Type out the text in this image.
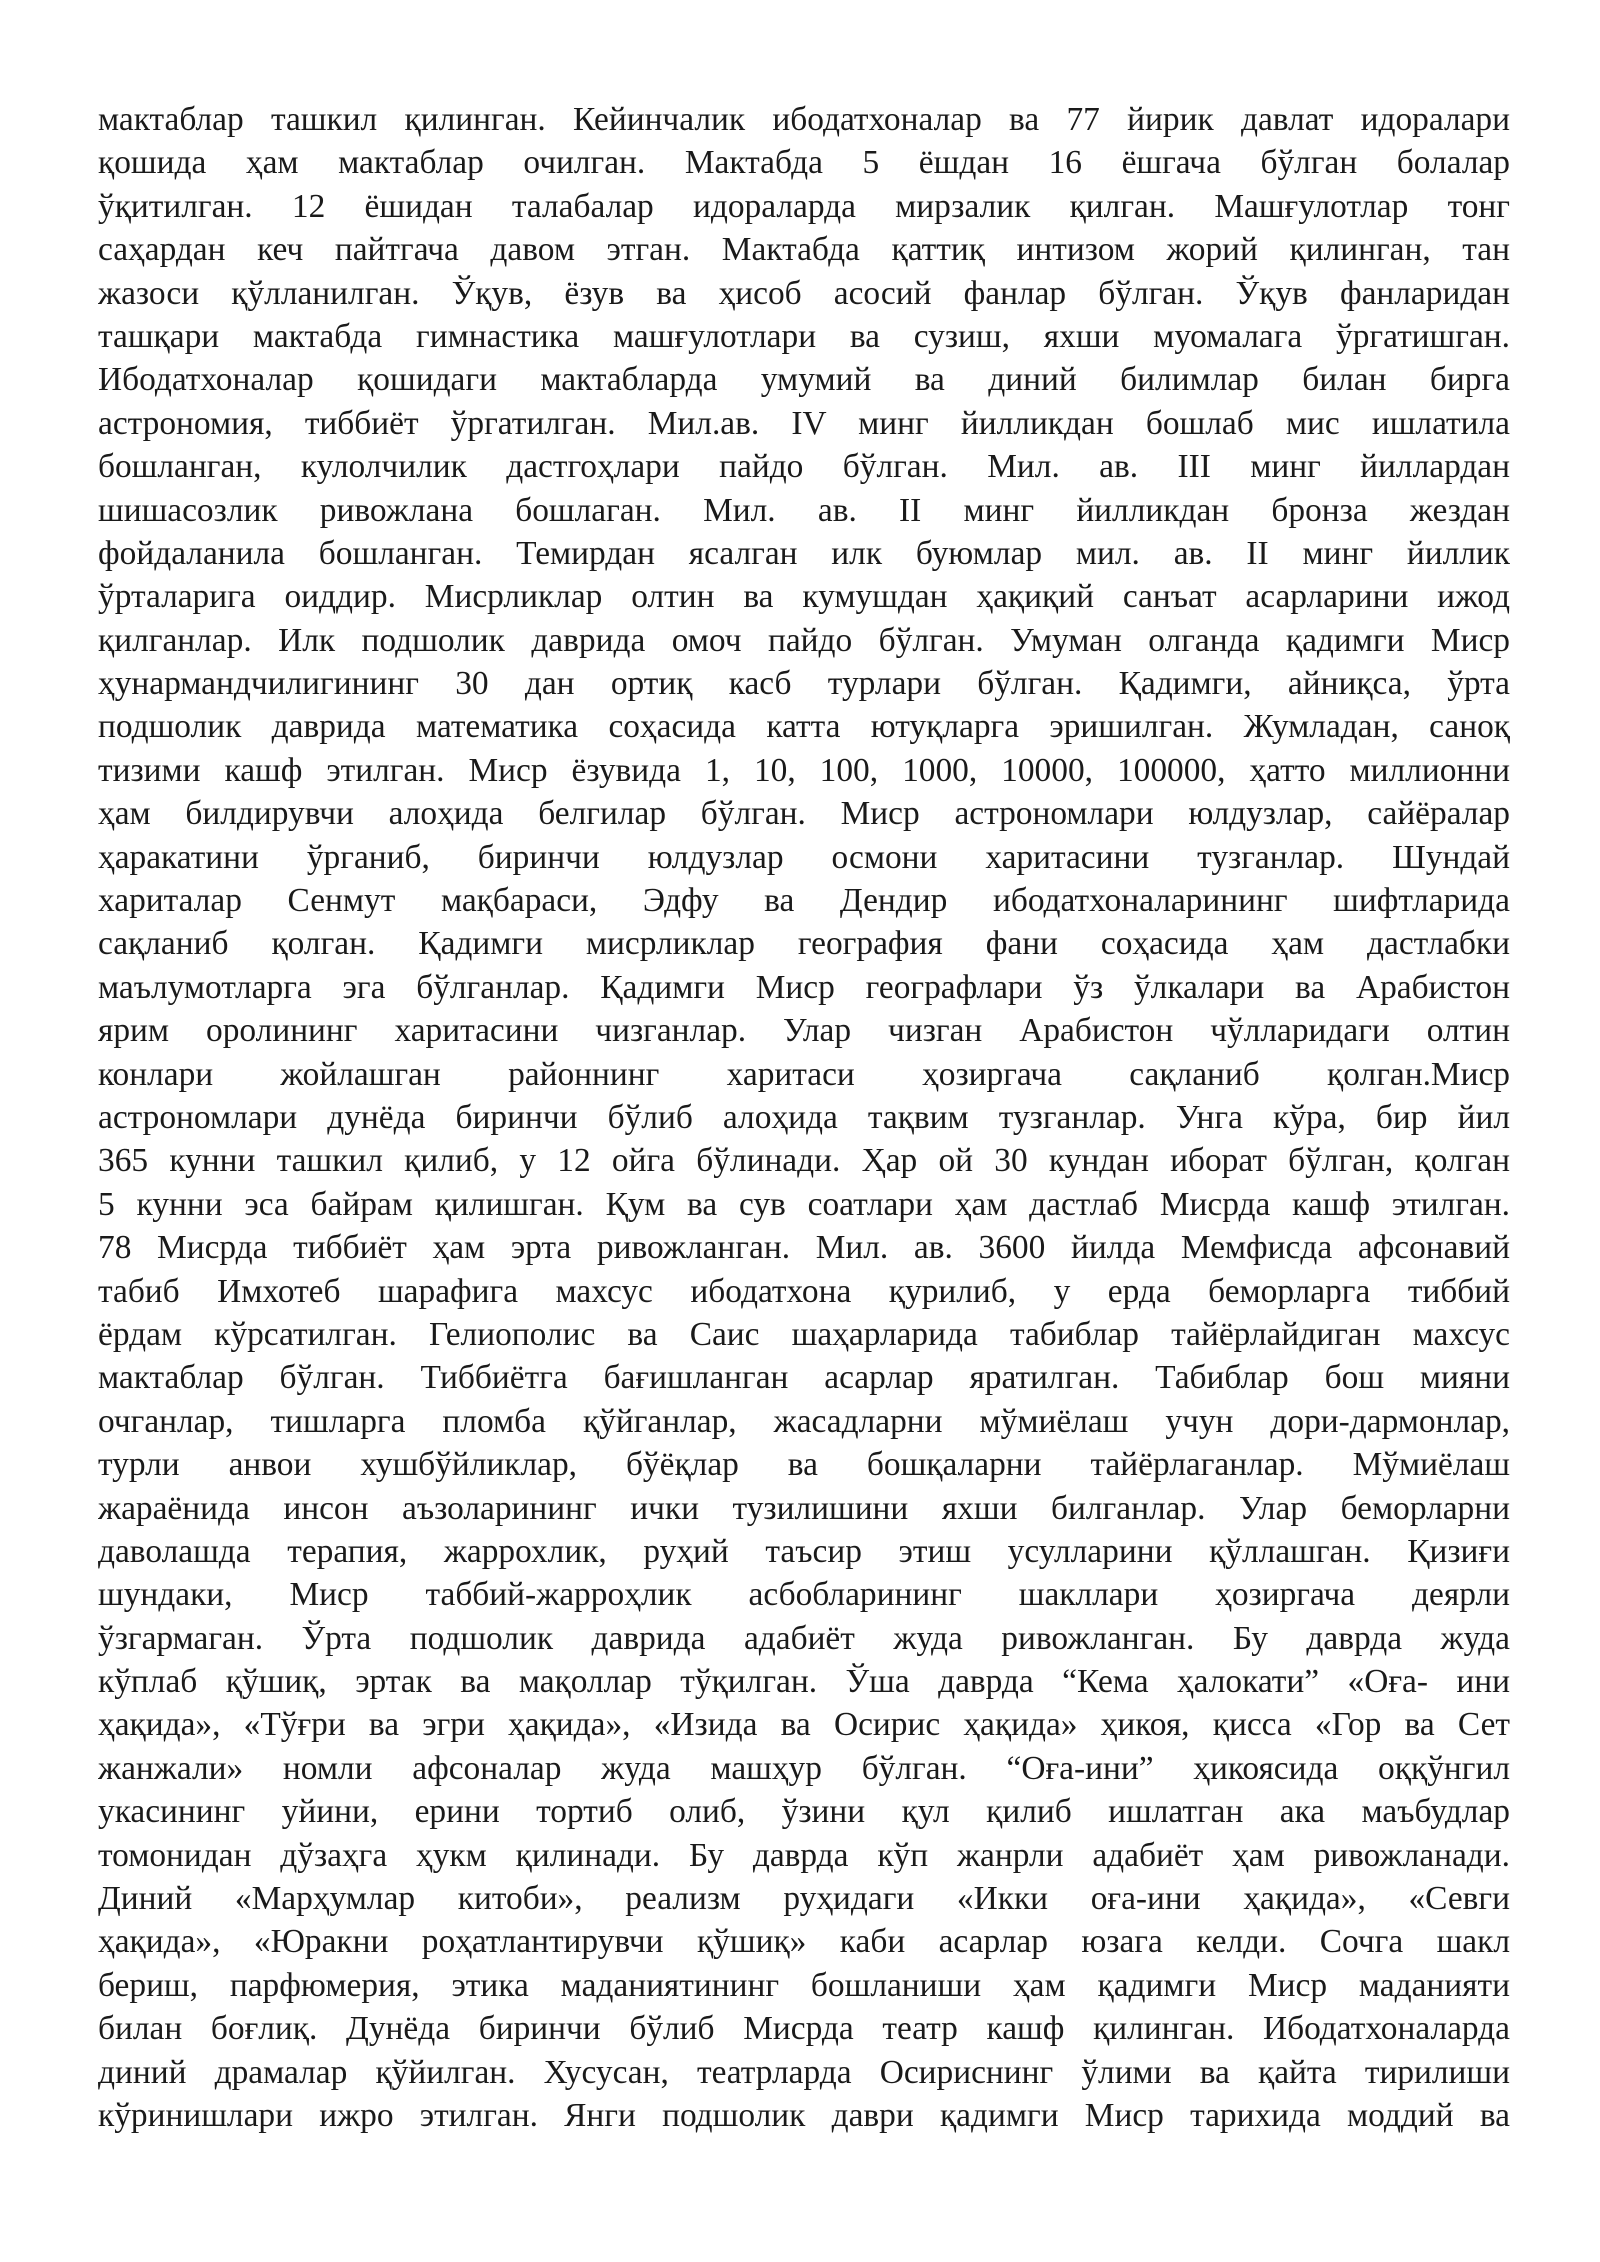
мактаблар ташкил қилинган. Кейинчалик ибодатхоналар ва 77 йирик давлат идоралари
қошида ҳам мактаблар очилган. Мактабда 5 ёшдан 16 ёшгача бўлган болалар
ўқитилган. 12 ёшидан талабалар идораларда мирзалик қилган. Машғулотлар тонг
саҳардан кеч пайтгача давом этган. Мактабда қаттиқ интизом жорий қилинган, тан
жазоси қўлланилган. Ўқув, ёзув ва ҳисоб асосий фанлар бўлган. Ўқув фанларидан
ташқари мактабда гимнастика машғулотлари ва сузиш, яхши муомалага ўргатишган.
Ибодатхоналар қошидаги мактабларда умумий ва диний билимлар билан бирга
астрономия, тиббиёт ўргатилган. Мил.ав. IV минг йилликдан бошлаб мис ишлатила
бошланган, кулолчилик дастгоҳлари пайдо бўлган. Мил. ав. III минг йиллардан
шишасозлик ривожлана бошлаган. Мил. ав. II минг йилликдан бронза жездан
фойдаланила бошланган. Темирдан ясалган илк буюмлар мил. ав. II минг йиллик
ўрталарига оиддир. Мисрликлар олтин ва кумушдан ҳақиқий санъат асарларини ижод
қилганлар. Илк подшолик даврида омоч пайдо бўлган. Умуман олганда қадимги Миср
ҳунармандчилигининг 30 дан ортиқ касб турлари бўлган. Қадимги, айниқса, ўрта
подшолик даврида математика соҳасида катта ютуқларга эришилган. Жумладан, саноқ
тизими кашф этилган. Миср ёзувида 1, 10, 100, 1000, 10000, 100000, ҳатто миллионни
ҳам билдирувчи алоҳида белгилар бўлган. Миср астрономлари юлдузлар, сайёралар
ҳаракатини ўрганиб, биринчи юлдузлар осмони харитасини тузганлар. Шундай
хариталар Сенмут мақбараси, Эдфу ва Дендир ибодатхоналарининг шифтларида
сақланиб қолган. Қадимги мисрликлар география фани соҳасида ҳам дастлабки
маълумотларга эга бўлганлар. Қадимги Миср географлари ўз ўлкалари ва Арабистон
ярим оролининг харитасини чизганлар. Улар чизган Арабистон чўлларидаги олтин
конлари жойлашган районнинг харитаси ҳозиргача сақланиб қолган.Миср
астрономлари дунёда биринчи бўлиб алоҳида тақвим тузганлар. Унга кўра, бир йил
365 кунни ташкил қилиб, у 12 ойга бўлинади. Ҳар ой 30 кундан иборат бўлган, қолган
5 кунни эса байрам қилишган. Қум ва сув соатлари ҳам дастлаб Мисрда кашф этилган.
78 Мисрда тиббиёт ҳам эрта ривожланган. Мил. ав. 3600 йилда Мемфисда афсонавий
табиб Имхотеб шарафига махсус ибодатхона қурилиб, у ерда беморларга тиббий
ёрдам кўрсатилган. Гелиополис ва Саис шаҳарларида табиблар тайёрлайдиган махсус
мактаблар бўлган. Тиббиётга бағишланган асарлар яратилган. Табиблар бош мияни
очганлар, тишларга пломба қўйганлар, жасадларни мўмиёлаш учун дори-дармонлар,
турли анвои хушбўйликлар, бўёқлар ва бошқаларни тайёрлаганлар. Мўмиёлаш
жараёнида инсон аъзоларининг ички тузилишини яхши билганлар. Улар беморларни
даволашда терапия, жаррохлик, руҳий таъсир этиш усулларини қўллашган. Қизиғи
шундаки, Миср таббий-жарроҳлик асбобларининг шакллари ҳозиргача деярли
ўзгармаган. Ўрта подшолик даврида адабиёт жуда ривожланган. Бу даврда жуда
кўплаб қўшиқ, эртак ва мақоллар тўқилган. Ўша даврда “Кема ҳалокати” «Оға- ини
ҳақида», «Тўғри ва эгри ҳақида», «Изида ва Осирис ҳақида» ҳикоя, қисса «Гор ва Сет
жанжали» номли афсоналар жуда машҳур бўлган. “Оға-ини” ҳикоясида оққўнгил
укасининг уйини, ерини тортиб олиб, ўзини қул қилиб ишлатган ака маъбудлар
томонидан дўзаҳга ҳукм қилинади. Бу даврда кўп жанрли адабиёт ҳам ривожланади.
Диний «Марҳумлар китоби», реализм руҳидаги «Икки оға-ини ҳақида», «Севги
ҳақида», «Юракни роҳатлантирувчи қўшиқ» каби асарлар юзага келди. Сочга шакл
бериш, парфюмерия, этика маданиятининг бошланиши ҳам қадимги Миср маданияти
билан боғлиқ. Дунёда биринчи бўлиб Мисрда театр кашф қилинган. Ибодатхоналарда
диний драмалар қўйилган. Хусусан, театрларда Осириснинг ўлими ва қайта тирилиши
кўринишлари ижро этилган. Янги подшолик даври қадимги Миср тарихида моддий ва
